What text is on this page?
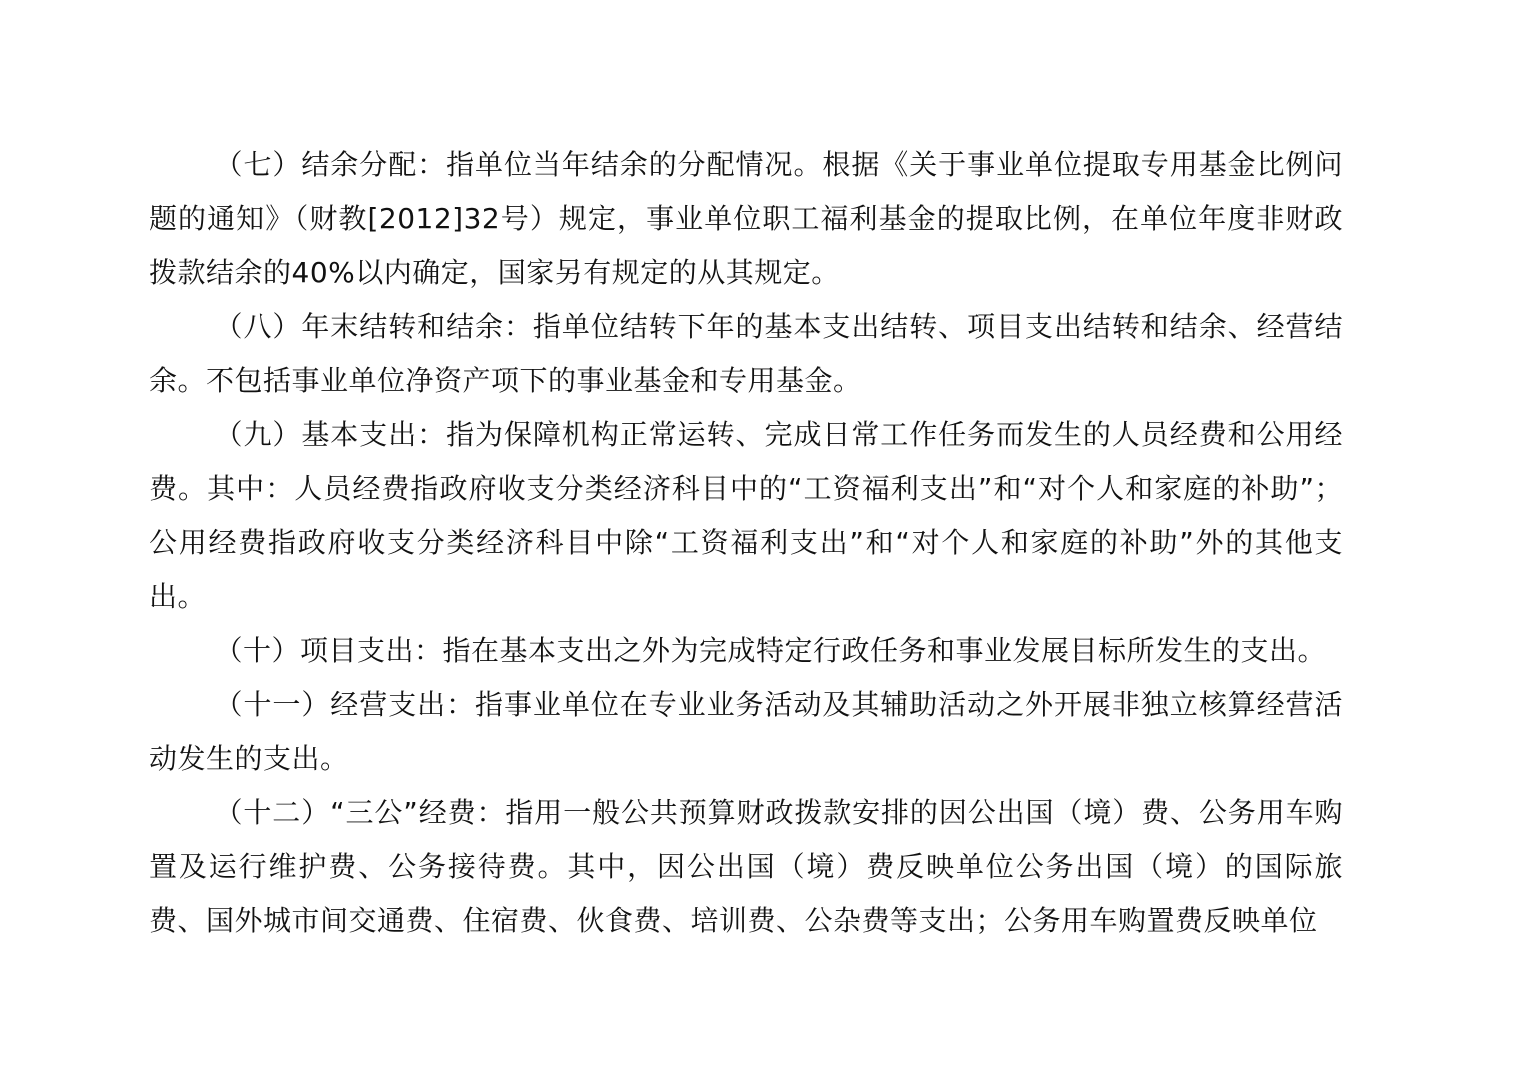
（七）结余分配：指单位当年结余的分配情况。根据《关于事业单位提取专用基金比例问题的通知》（财教[2012]32号）规定，事业单位职工福利基金的提取比例，在单位年度非财政拨款结余的40%以内确定，国家另有规定的从其规定。

（八）年末结转和结余：指单位结转下年的基本支出结转、项目支出结转和结余、经营结余。不包括事业单位净资产项下的事业基金和专用基金。

（九）基本支出：指为保障机构正常运转、完成日常工作任务而发生的人员经费和公用经费。其中：人员经费指政府收支分类经济科目中的“工资福利支出”和“对个人和家庭的补助”；公用经费指政府收支分类经济科目中除“工资福利支出”和“对个人和家庭的补助”外的其他支出。

（十）项目支出：指在基本支出之外为完成特定行政任务和事业发展目标所发生的支出。

（十一）经营支出：指事业单位在专业业务活动及其辅助活动之外开展非独立核算经营活动发生的支出。

（十二）“三公”经费：指用一般公共预算财政拨款安排的因公出国（境）费、公务用车购置及运行维护费、公务接待费。其中，因公出国（境）费反映单位公务出国（境）的国际旅费、国外城市间交通费、住宿费、伙食费、培训费、公杂费等支出；公务用车购置费反映单位
